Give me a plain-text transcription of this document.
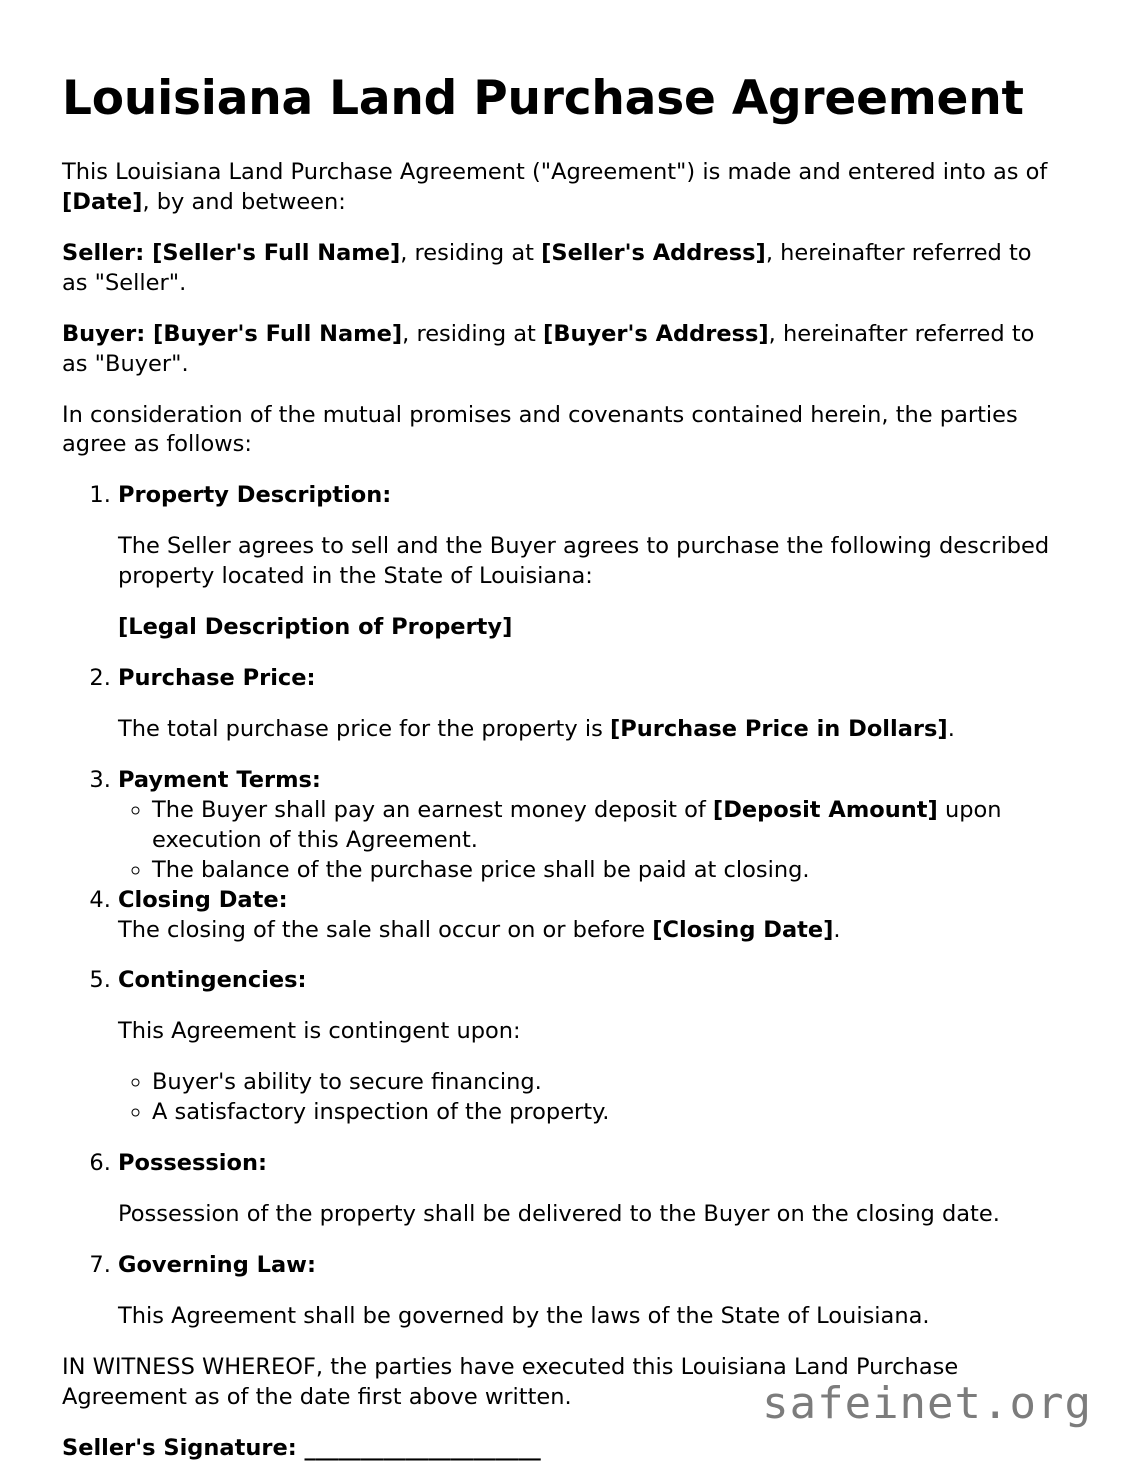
Louisiana Land Purchase Agreement

This Louisiana Land Purchase Agreement ("Agreement") is made and entered into as of [Date], by and between:

Seller: [Seller's Full Name], residing at [Seller's Address], hereinafter referred to as "Seller".

Buyer: [Buyer's Full Name], residing at [Buyer's Address], hereinafter referred to as "Buyer".

In consideration of the mutual promises and covenants contained herein, the parties agree as follows:

1. Property Description:

The Seller agrees to sell and the Buyer agrees to purchase the following described property located in the State of Louisiana:

[Legal Description of Property]

2. Purchase Price:

The total purchase price for the property is [Purchase Price in Dollars].

3. Payment Terms:
◦ The Buyer shall pay an earnest money deposit of [Deposit Amount] upon execution of this Agreement.
◦ The balance of the purchase price shall be paid at closing.
4. Closing Date:

The closing of the sale shall occur on or before [Closing Date].

5. Contingencies:

This Agreement is contingent upon:

◦ Buyer's ability to secure financing.
◦ A satisfactory inspection of the property.
6. Possession:

Possession of the property shall be delivered to the Buyer on the closing date.

7. Governing Law:

This Agreement shall be governed by the laws of the State of Louisiana.

IN WITNESS WHEREOF, the parties have executed this Louisiana Land Purchase Agreement as of the date first above written.

Seller's Signature: _____________________
safeinet.org
